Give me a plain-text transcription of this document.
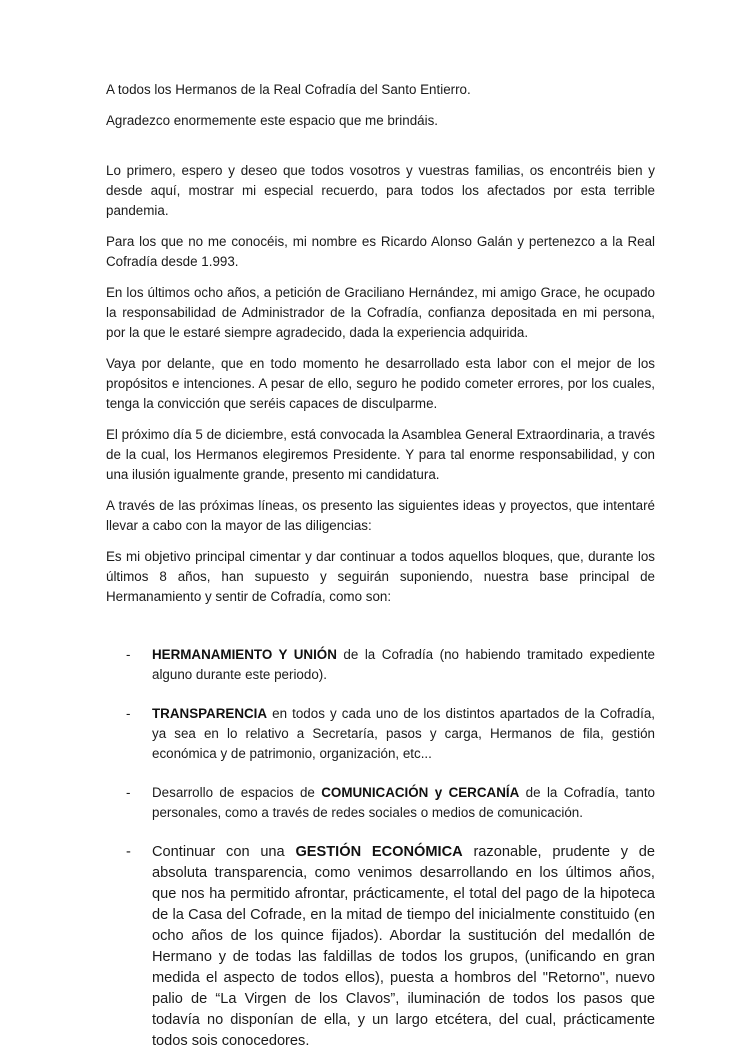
A todos los Hermanos de la Real Cofradía del Santo Entierro.

Agradezco enormemente este espacio que me brindáis.

Lo primero, espero y deseo que todos vosotros y vuestras familias, os encontréis bien y desde aquí, mostrar mi especial recuerdo, para todos los afectados por esta terrible pandemia.

Para los que no me conocéis, mi nombre es Ricardo Alonso Galán y pertenezco a la Real Cofradía desde 1.993.

En los últimos ocho años, a petición de Graciliano Hernández, mi amigo Grace, he ocupado la responsabilidad de Administrador de la Cofradía, confianza depositada en mi persona, por la que le estaré siempre agradecido, dada la experiencia adquirida.

Vaya por delante, que en todo momento he desarrollado esta labor con el mejor de los propósitos e intenciones. A pesar de ello, seguro he podido cometer errores, por los cuales, tenga la convicción que seréis capaces de disculparme.

El próximo día 5 de diciembre, está convocada la Asamblea General Extraordinaria, a través de la cual, los Hermanos elegiremos Presidente. Y para tal enorme responsabilidad, y con una ilusión igualmente grande, presento mi candidatura.

A través de las próximas líneas, os presento las siguientes ideas y proyectos, que intentaré llevar a cabo con la mayor de las diligencias:

Es mi objetivo principal cimentar y dar continuar a todos aquellos bloques, que, durante los últimos 8 años, han supuesto y seguirán suponiendo, nuestra base principal de Hermanamiento y sentir de Cofradía, como son:

- HERMANAMIENTO Y UNIÓN de la Cofradía (no habiendo tramitado expediente alguno durante este periodo).
- TRANSPARENCIA en todos y cada uno de los distintos apartados de la Cofradía, ya sea en lo relativo a Secretaría, pasos y carga, Hermanos de fila, gestión económica y de patrimonio, organización, etc...
- Desarrollo de espacios de COMUNICACIÓN y CERCANÍA de la Cofradía, tanto personales, como a través de redes sociales o medios de comunicación.
- Continuar con una GESTIÓN ECONÓMICA razonable, prudente y de absoluta transparencia, como venimos desarrollando en los últimos años, que nos ha permitido afrontar, prácticamente, el total del pago de la hipoteca de la Casa del Cofrade, en la mitad de tiempo del inicialmente constituido (en ocho años de los quince fijados). Abordar la sustitución del medallón de Hermano y de todas las faldillas de todos los grupos, (unificando en gran medida el aspecto de todos ellos), puesta a hombros del "Retorno", nuevo palio de “La Virgen de los Clavos”, iluminación de todos los pasos que todavía no disponían de ella, y un largo etcétera, del cual, prácticamente todos sois conocedores.
